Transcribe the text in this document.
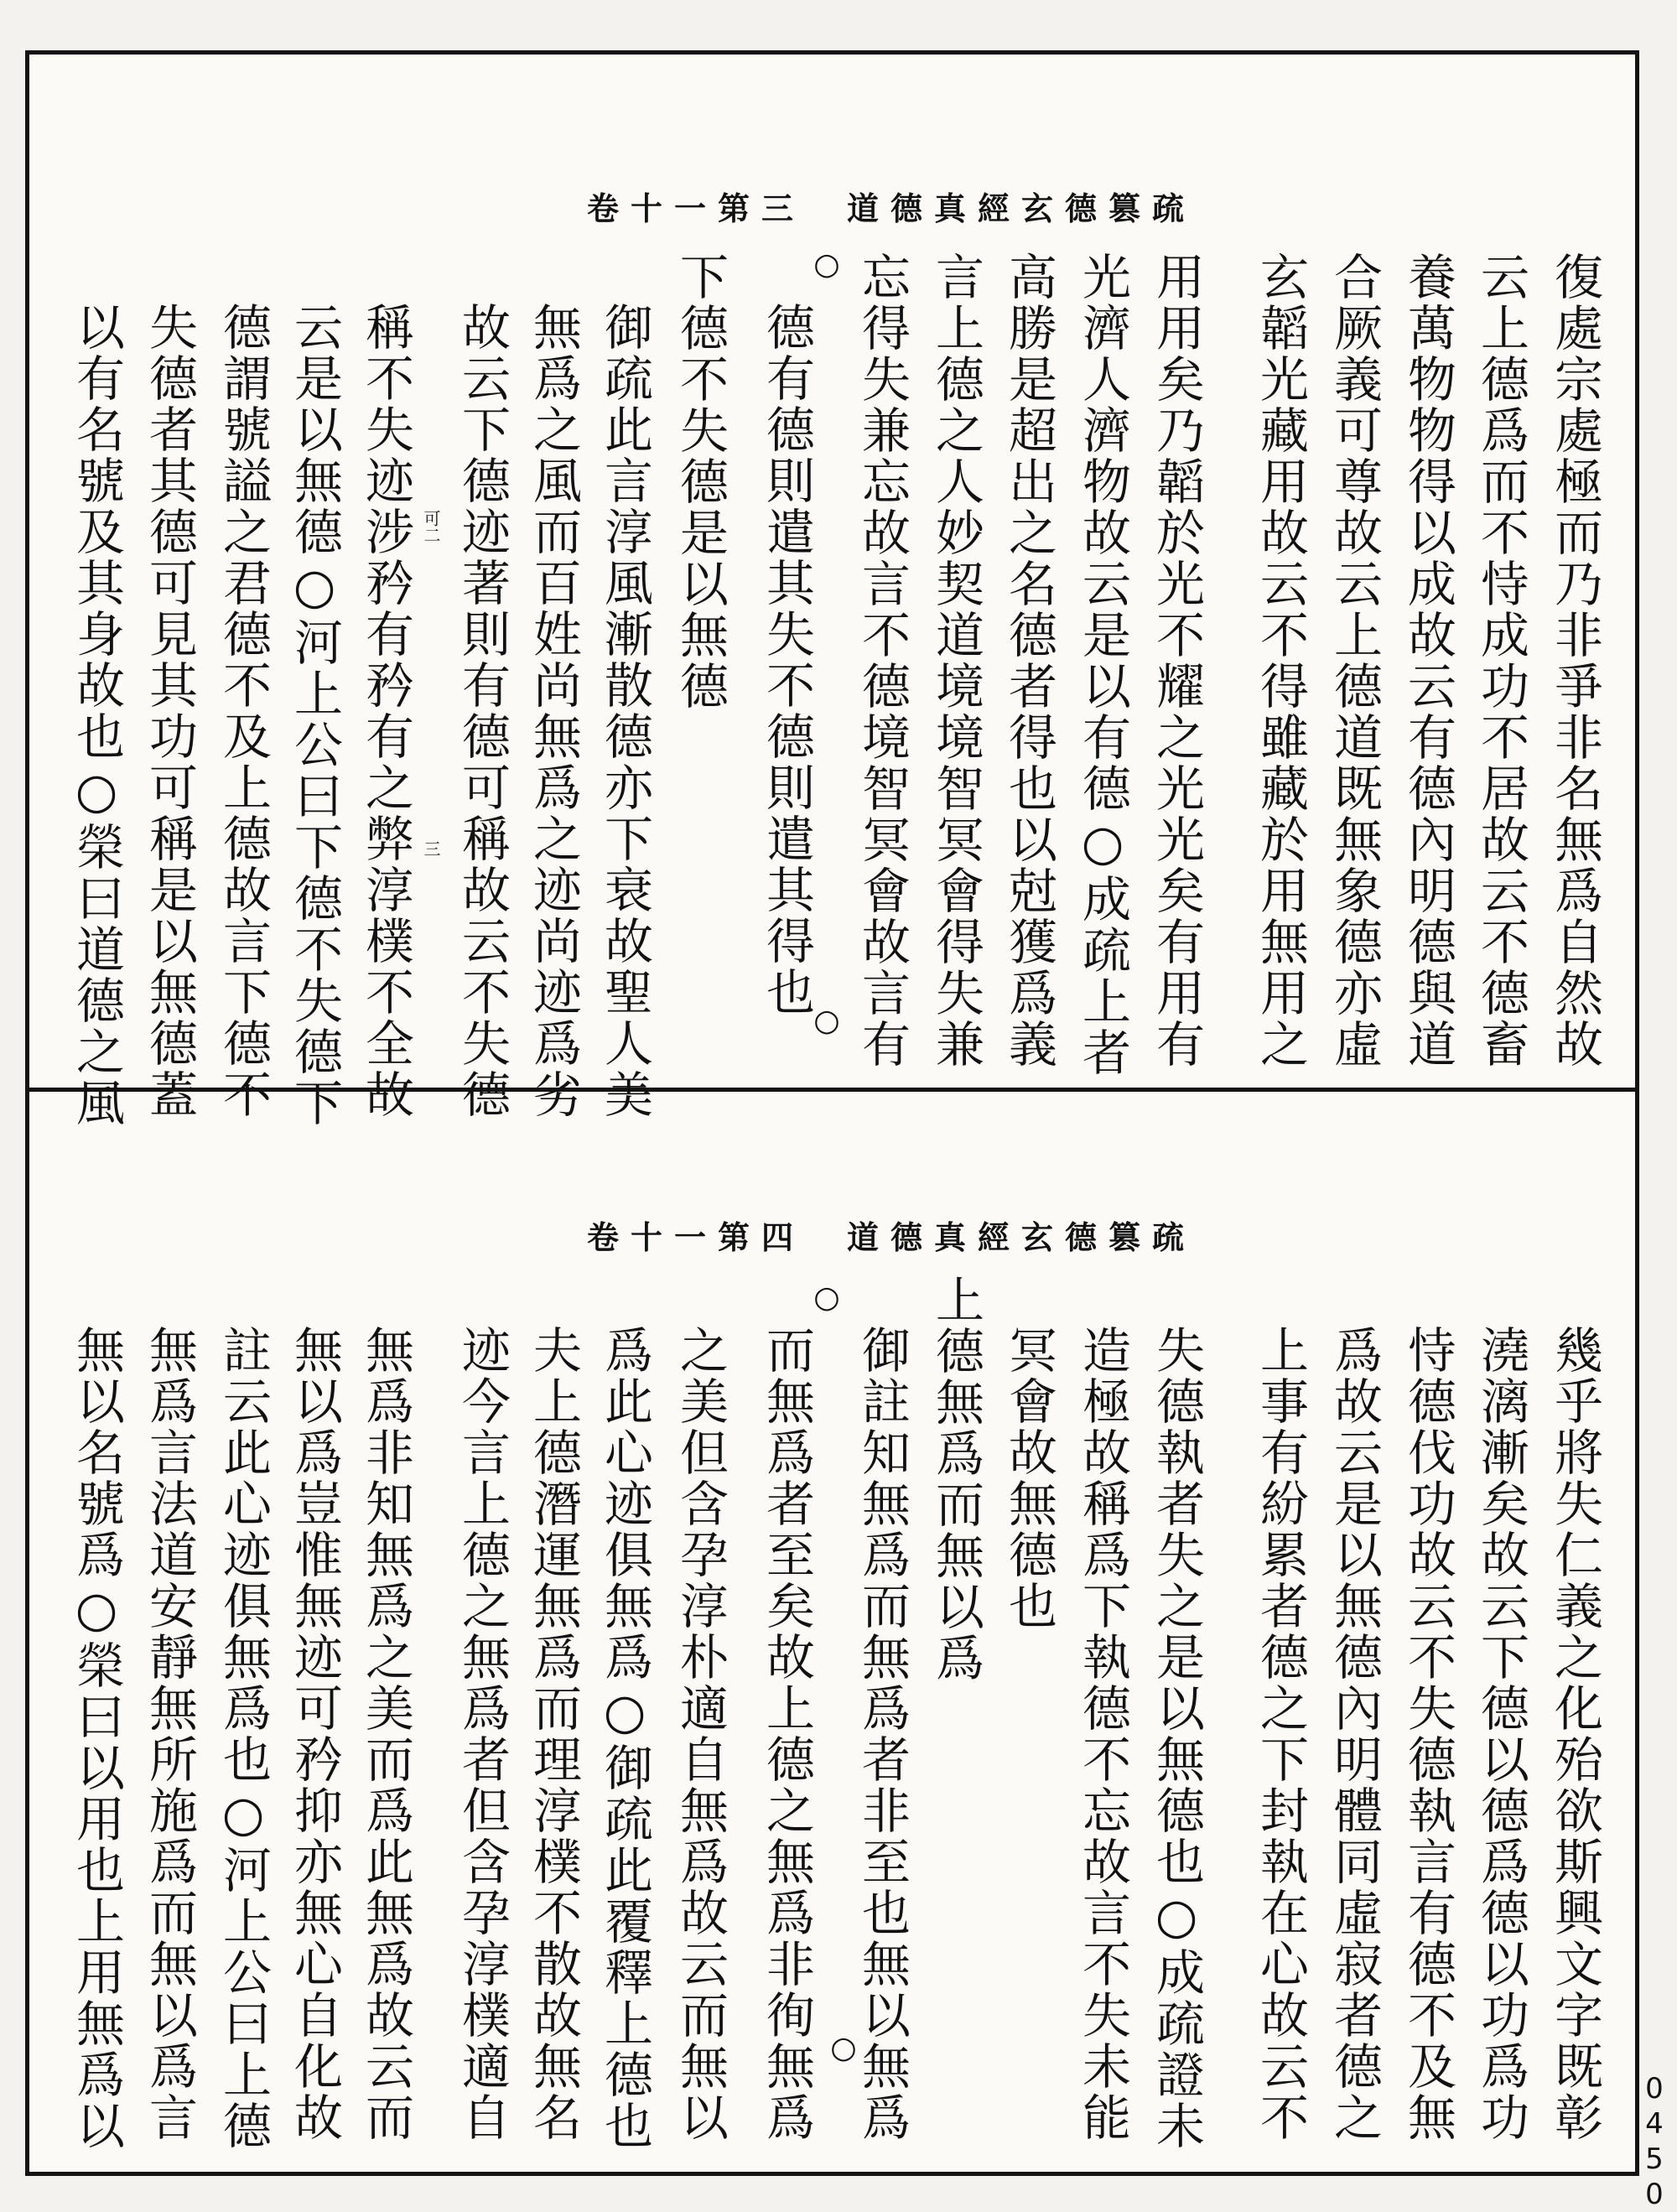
卷十一第三 道德真經玄德篡疏
復處宗處極而乃非爭非名無爲自然故
云上德爲而不恃成功不居故云不德畜
養萬物物得以成故云有德內明德與道
合厥義可尊故云上德道既無象德亦虛
玄韜光藏用故云不得雖藏於用無用之
用用矣乃韜於光不耀之光光矣有用有
光濟人濟物故云是以有德○成疏上者
高勝是超出之名德者得也以尅獲爲義
言上德之人妙契道境境智冥會得失兼
忘得失兼忘故言不德境智冥會故言有
德有德則遣其失不德則遣其得也
下德不失德是以無德
御疏此言淳風漸散德亦下衰故聖人美
無爲之風而百姓尚無爲之迹尚迹爲劣
故云下德迹著則有德可稱故云不失德
稱不失迹涉矜有矜有之弊淳樸不全故
云是以無德○河上公曰下德不失德下
德謂號謚之君德不及上德故言下德不
失德者其德可見其功可稱是以無德蓋
以有名號及其身故也○榮曰道德之風
○
○
可二
三
卷十一第四 道德真經玄德篡疏
幾乎將失仁義之化殆欲斯興文字既彰
澆漓漸矣故云下德以德爲德以功爲功
恃德伐功故云不失德執言有德不及無
爲故云是以無德內明體同虛寂者德之
上事有紛累者德之下封執在心故云不
失德執者失之是以無德也○成疏證未
造極故稱爲下執德不忘故言不失未能
冥會故無德也
上德無爲而無以爲
御註知無爲而無爲者非至也無以無爲
而無爲者至矣故上德之無爲非徇無爲
之美但含孕淳朴適自無爲故云而無以
爲此心迹俱無爲○御疏此覆釋上德也
夫上德潛運無爲而理淳樸不散故無名
迹今言上德之無爲者但含孕淳樸適自
無爲非知無爲之美而爲此無爲故云而
無以爲豈惟無迹可矜抑亦無心自化故
註云此心迹俱無爲也○河上公曰上德
無爲言法道安靜無所施爲而無以爲言
無以名號爲○榮曰以用也上用無爲以
○
○
0
4
5
0
